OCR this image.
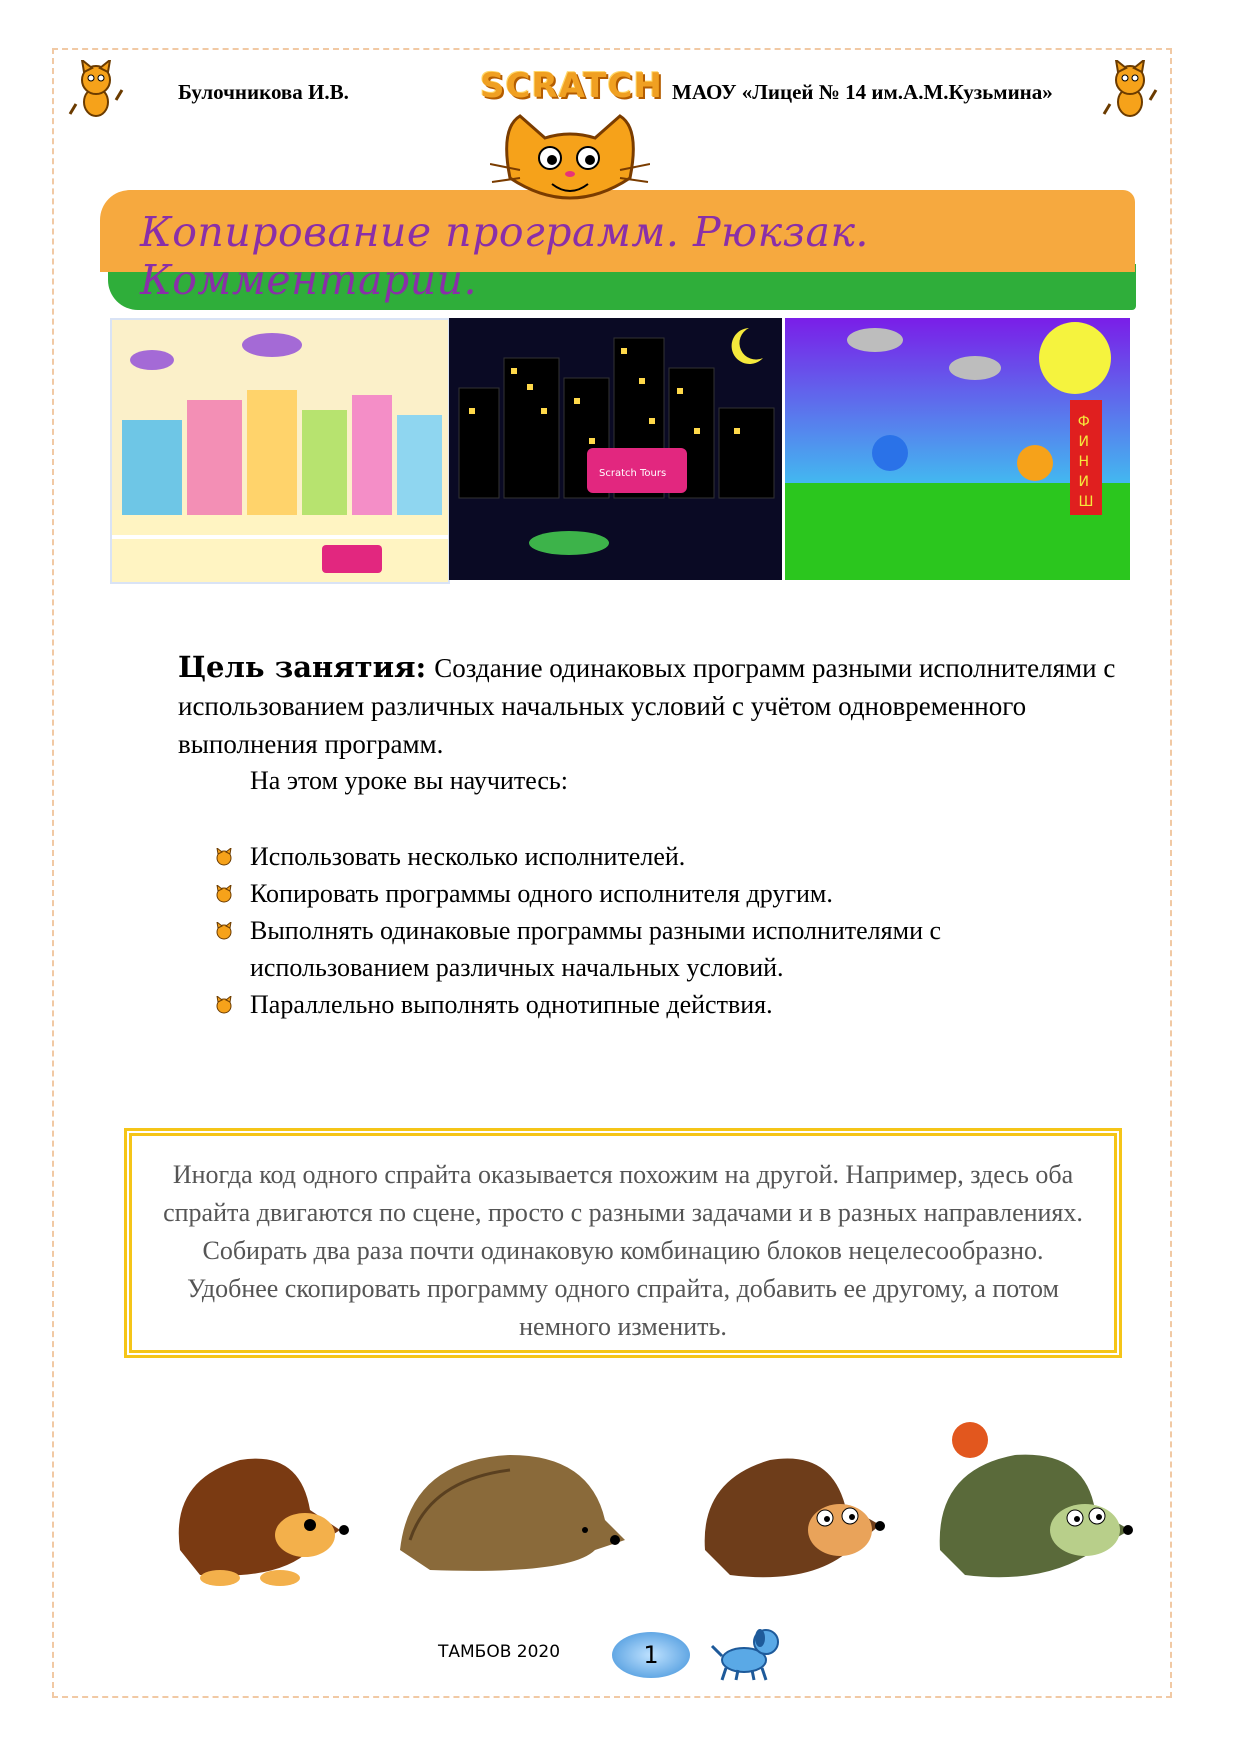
Булочникова И.В.	SCRATCH МАОУ «Лицей № 14 им.А.М.Кузьмина»
Копирование программ. Рюкзак. Комментарии.
Scratch Tours
Ф И Н И Ш
Цель занятия: Создание одинаковых программ разными исполнителями с использованием различных начальных условий с учётом одновременного выполнения программ.
На этом уроке вы научитесь:
Использовать несколько исполнителей.
Копировать программы одного исполнителя другим.
Выполнять одинаковые программы разными исполнителями с использованием различных начальных условий.
Параллельно выполнять однотипные действия.
Иногда код одного спрайта оказывается похожим на другой. Например, здесь оба спрайта двигаются по сцене, просто с разными задачами и в разных направлениях. Собирать два раза почти одинаковую комбинацию блоков нецелесообразно. Удобнее скопировать программу одного спрайта, добавить ее другому, а потом немного изменить.
ТАМБОВ 2020	1
